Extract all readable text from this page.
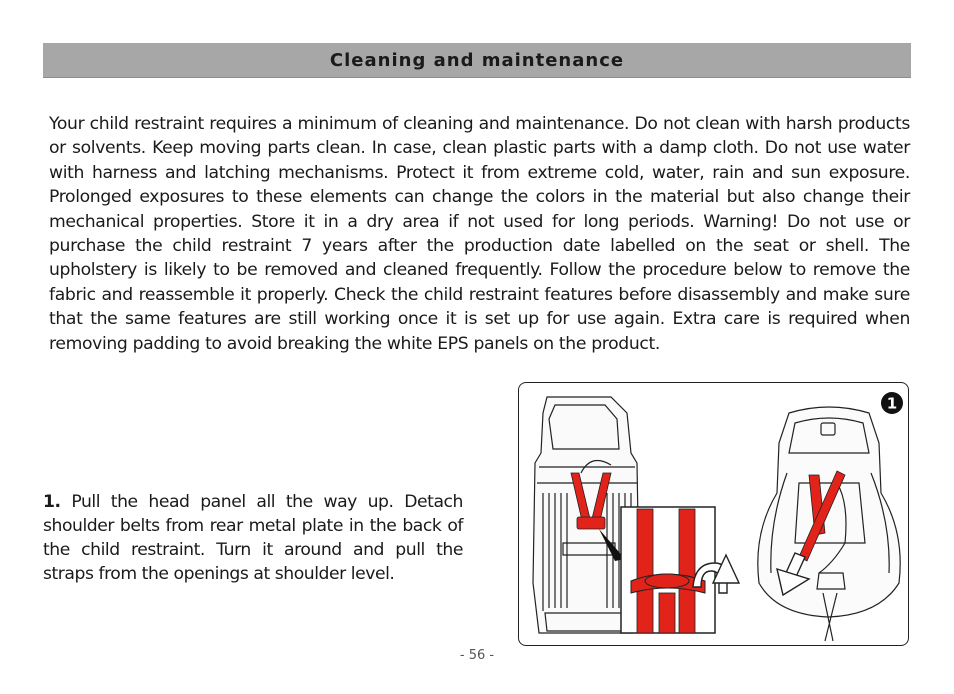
Cleaning and maintenance

Your child restraint requires a minimum of cleaning and maintenance. Do not clean with harsh products or solvents. Keep moving parts clean. In case, clean plastic parts with a damp cloth. Do not use water with harness and latching mechanisms. Protect it from extreme cold, water, rain and sun exposure. Prolonged exposures to these elements can change the colors in the material but also change their mechanical properties. Store it in a dry area if not used for long periods. Warning! Do not use or purchase the child restraint 7 years after the production date labelled on the seat or shell. The upholstery is likely to be removed and cleaned frequently. Follow the procedure below to remove the fabric and reassemble it properly. Check the child restraint features before disassembly and make sure that the same features are still working once it is set up for use again. Extra care is required when removing padding to avoid breaking the white EPS panels on the product.

1. Pull the head panel all the way up. Detach shoulder belts from rear metal plate in the back of the child restraint. Turn it around and pull the straps from the openings at shoulder level.

1
- 56 -
